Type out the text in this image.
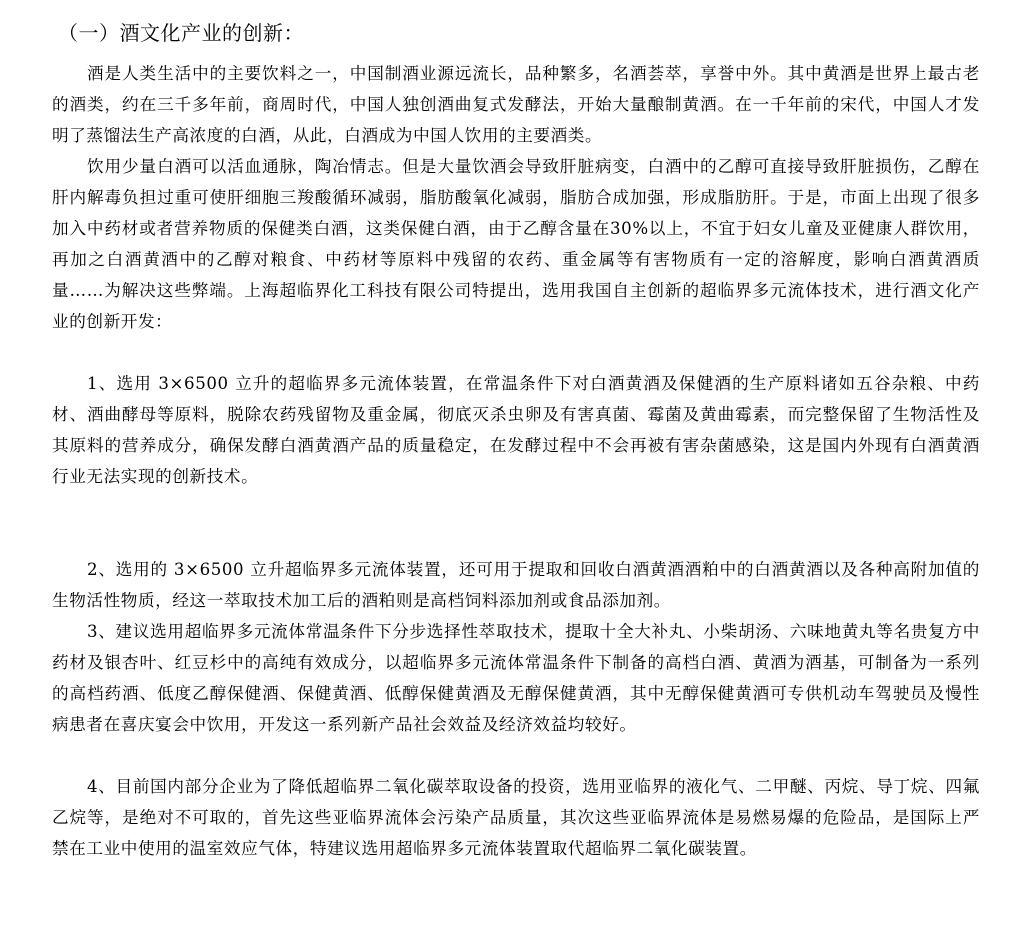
（一）酒文化产业的创新：

酒是人类生活中的主要饮料之一，中国制酒业源远流长，品种繁多，名酒荟萃，享誉中外。其中黄酒是世界上最古老的酒类，约在三千多年前，商周时代，中国人独创酒曲复式发酵法，开始大量酿制黄酒。在一千年前的宋代，中国人才发明了蒸馏法生产高浓度的白酒，从此，白酒成为中国人饮用的主要酒类。

饮用少量白酒可以活血通脉，陶冶情志。但是大量饮酒会导致肝脏病变，白酒中的乙醇可直接导致肝脏损伤，乙醇在肝内解毒负担过重可使肝细胞三羧酸循环减弱，脂肪酸氧化减弱，脂肪合成加强，形成脂肪肝。于是，市面上出现了很多加入中药材或者营养物质的保健类白酒，这类保健白酒，由于乙醇含量在30%以上，不宜于妇女儿童及亚健康人群饮用，再加之白酒黄酒中的乙醇对粮食、中药材等原料中残留的农药、重金属等有害物质有一定的溶解度，影响白酒黄酒质量……为解决这些弊端。上海超临界化工科技有限公司特提出，选用我国自主创新的超临界多元流体技术，进行酒文化产业的创新开发：

1、选用 3×6500 立升的超临界多元流体装置，在常温条件下对白酒黄酒及保健酒的生产原料诸如五谷杂粮、中药材、酒曲酵母等原料，脱除农药残留物及重金属，彻底灭杀虫卵及有害真菌、霉菌及黄曲霉素，而完整保留了生物活性及其原料的营养成分，确保发酵白酒黄酒产品的质量稳定，在发酵过程中不会再被有害杂菌感染，这是国内外现有白酒黄酒行业无法实现的创新技术。

2、选用的 3×6500 立升超临界多元流体装置，还可用于提取和回收白酒黄酒酒粕中的白酒黄酒以及各种高附加值的生物活性物质，经这一萃取技术加工后的酒粕则是高档饲料添加剂或食品添加剂。

3、建议选用超临界多元流体常温条件下分步选择性萃取技术，提取十全大补丸、小柴胡汤、六味地黄丸等名贵复方中药材及银杏叶、红豆杉中的高纯有效成分，以超临界多元流体常温条件下制备的高档白酒、黄酒为酒基，可制备为一系列的高档药酒、低度乙醇保健酒、保健黄酒、低醇保健黄酒及无醇保健黄酒，其中无醇保健黄酒可专供机动车驾驶员及慢性病患者在喜庆宴会中饮用，开发这一系列新产品社会效益及经济效益均较好。

4、目前国内部分企业为了降低超临界二氧化碳萃取设备的投资，选用亚临界的液化气、二甲醚、丙烷、导丁烷、四氟乙烷等，是绝对不可取的，首先这些亚临界流体会污染产品质量，其次这些亚临界流体是易燃易爆的危险品，是国际上严禁在工业中使用的温室效应气体，特建议选用超临界多元流体装置取代超临界二氧化碳装置。
